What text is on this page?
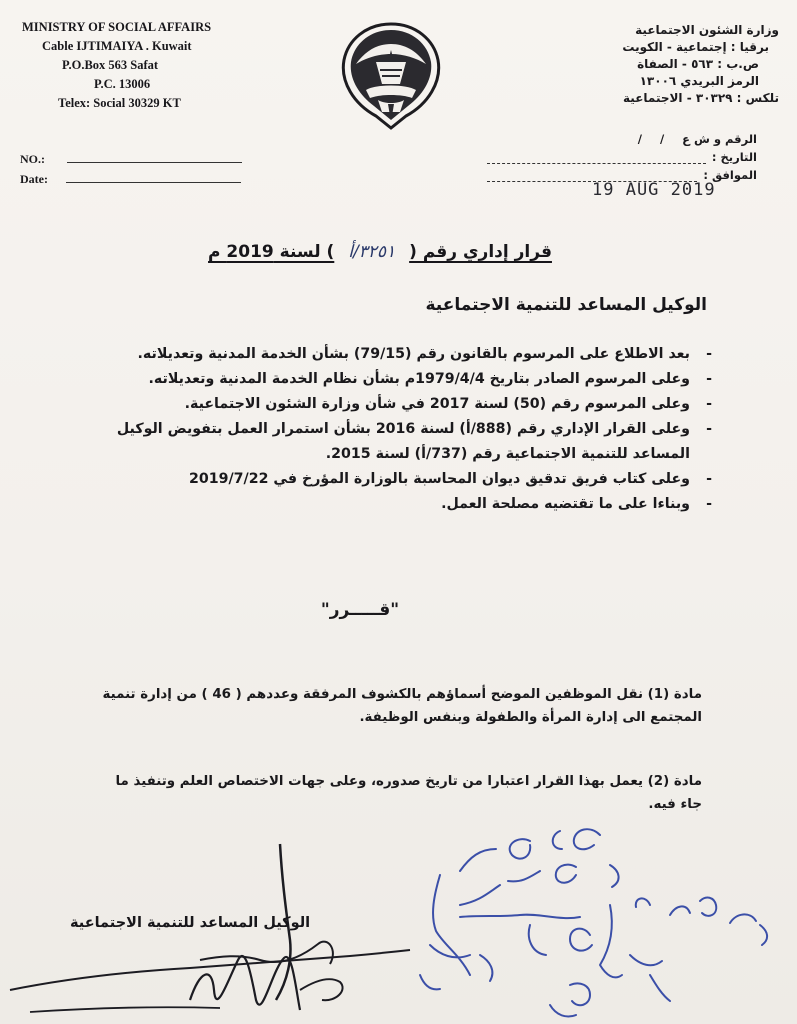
MINISTRY OF SOCIAL AFFAIRS
Cable IJTIMAIYA . Kuwait
P.O.Box 563 Safat
P.C. 13006
Telex: Social 30329 KT
NO.:
Date:
وزارة الشئون الاجتماعية
برقيا : إجتماعية - الكويت
ص.ب : ٥٦٣ - الصفاة
الرمز البريدي ١٣٠٠٦
تلكس : ٣٠٣٢٩ - الاجتماعية
الرقم و ش ع
/
/
التاريخ :
الموافق :
19 AUG 2019
قرار إداري رقم ( ٣٢٥١/أ ) لسنة 2019 م
الوكيل المساعد للتنمية الاجتماعية
- بعد الاطلاع على المرسوم بالقانون رقم (79/15) بشأن الخدمة المدنية وتعديلاته.
- وعلى المرسوم الصادر بتاريخ 1979/4/4م بشأن نظام الخدمة المدنية وتعديلاته.
- وعلى المرسوم رقم (50) لسنة 2017 في شأن وزارة الشئون الاجتماعية.
- وعلى القرار الإداري رقم (888/أ) لسنة 2016 بشأن استمرار العمل بتفويض الوكيل المساعد للتنمية الاجتماعية رقم (737/أ) لسنة 2015.
- وعلى كتاب فريق تدقيق ديوان المحاسبة بالوزارة المؤرخ في 2019/7/22
- وبناءا على ما تقتضيه مصلحة العمل.
"قـــــرر"
مادة (1) نقل الموظفين الموضح أسماؤهم بالكشوف المرفقة وعددهم ( 46 ) من إدارة تنمية المجتمع الى إدارة المرأة والطفولة وبنفس الوظيفة.
مادة (2) يعمل بهذا القرار اعتبارا من تاريخ صدوره، وعلى جهات الاختصاص العلم وتنفيذ ما جاء فيه.
الوكيل المساعد للتنمية الاجتماعية
